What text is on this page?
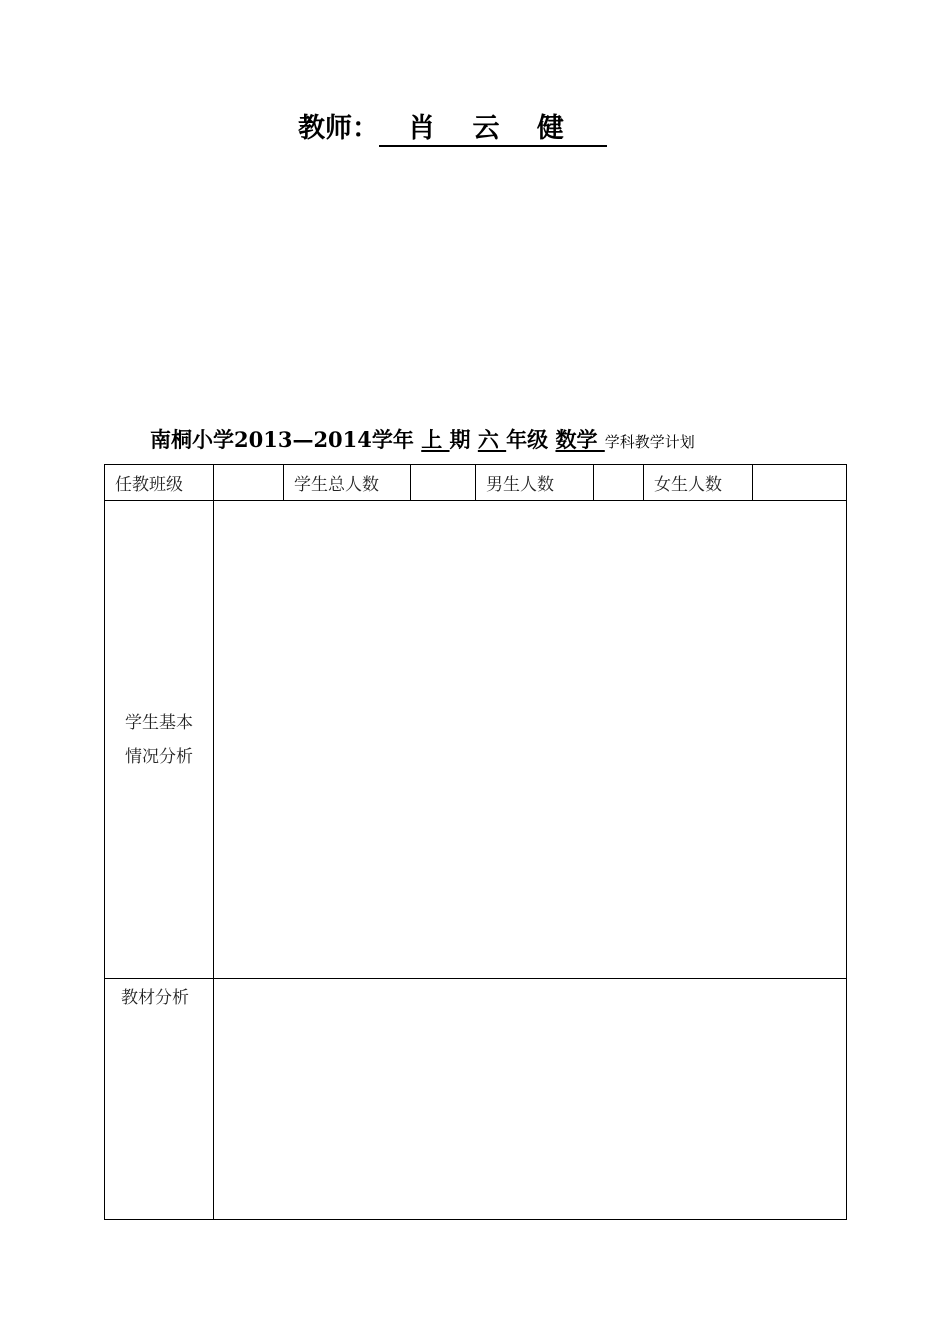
教师： 肖 云 健
南桐小学2013—2014学年 上 期 六 年级 数学 学科教学计划
任教班级		学生总人数		男生人数		女生人数	

学生基本
情况分析							

教材分析							
